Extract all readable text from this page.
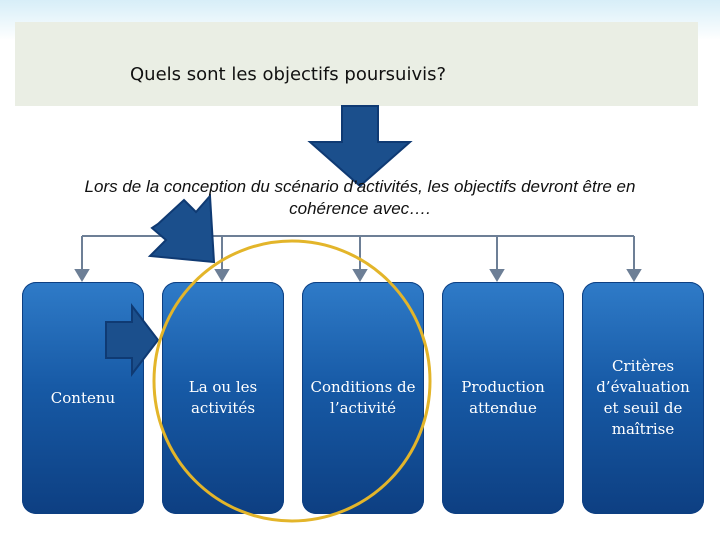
Quels sont les objectifs poursuivis?
Lors de la conception du scénario d’activités, les objectifs devront être en
cohérence avec….
Contenu
La ou les activités
Conditions de l’activité
Production attendue
Critères d’évaluation et seuil de maîtrise
